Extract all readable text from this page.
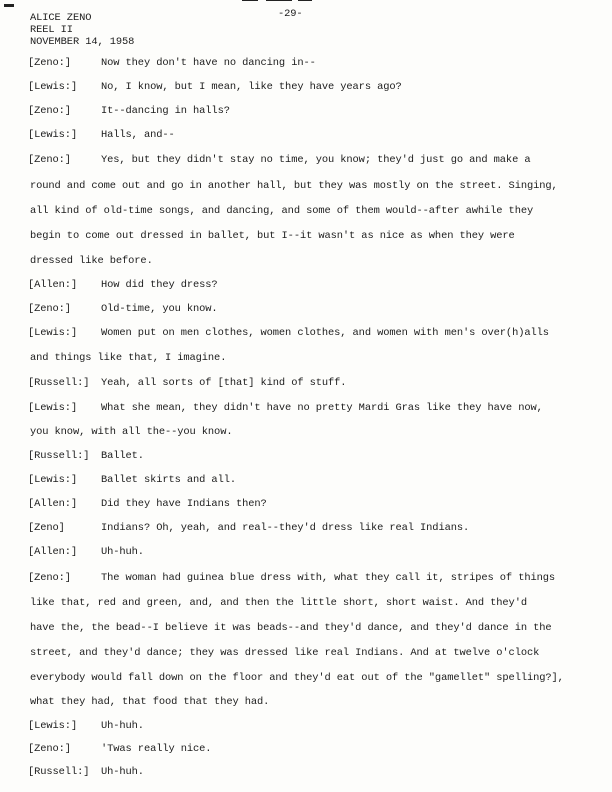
ALICE ZENO
REEL II
NOVEMBER 14, 1958
-29-
[Zeno:]	Now they don't have no dancing in--
[Lewis:] No, I know, but I mean, like they have years ago?
[Zeno:]	It--dancing in halls?
[Lewis:] Halls, and--
[Zeno:]	Yes, but they didn't stay no time, you know; they'd just go and make a
round and come out and go in another hall, but they was mostly on the street. Singing,
all kind of old-time songs, and dancing, and some of them would--after awhile they
begin to come out dressed in ballet, but I--it wasn't as nice as when they were
dressed like before.
[Allen:] How did they dress?
[Zeno:]	Old-time, you know.
[Lewis:] Women put on men clothes, women clothes, and women with men's over(h)alls
and things like that, I imagine.
[Russell:] Yeah, all sorts of [that] kind of stuff.
[Lewis:] What she mean, they didn't have no pretty Mardi Gras like they have now,
you know, with all the--you know.
[Russell:] Ballet.
[Lewis:] Ballet skirts and all.
[Allen:] Did they have Indians then?
[Zeno]	Indians? Oh, yeah, and real--they'd dress like real Indians.
[Allen:] Uh-huh.
[Zeno:]	The woman had guinea blue dress with, what they call it, stripes of things
like that, red and green, and, and then the little short, short waist. And they'd
have the, the bead--I believe it was beads--and they'd dance, and they'd dance in the
street, and they'd dance; they was dressed like real Indians. And at twelve o'clock
everybody would fall down on the floor and they'd eat out of the "gamellet" spelling?],
what they had, that food that they had.
[Lewis:] Uh-huh.
[Zeno:]	'Twas really nice.
[Russell:] Uh-huh.
